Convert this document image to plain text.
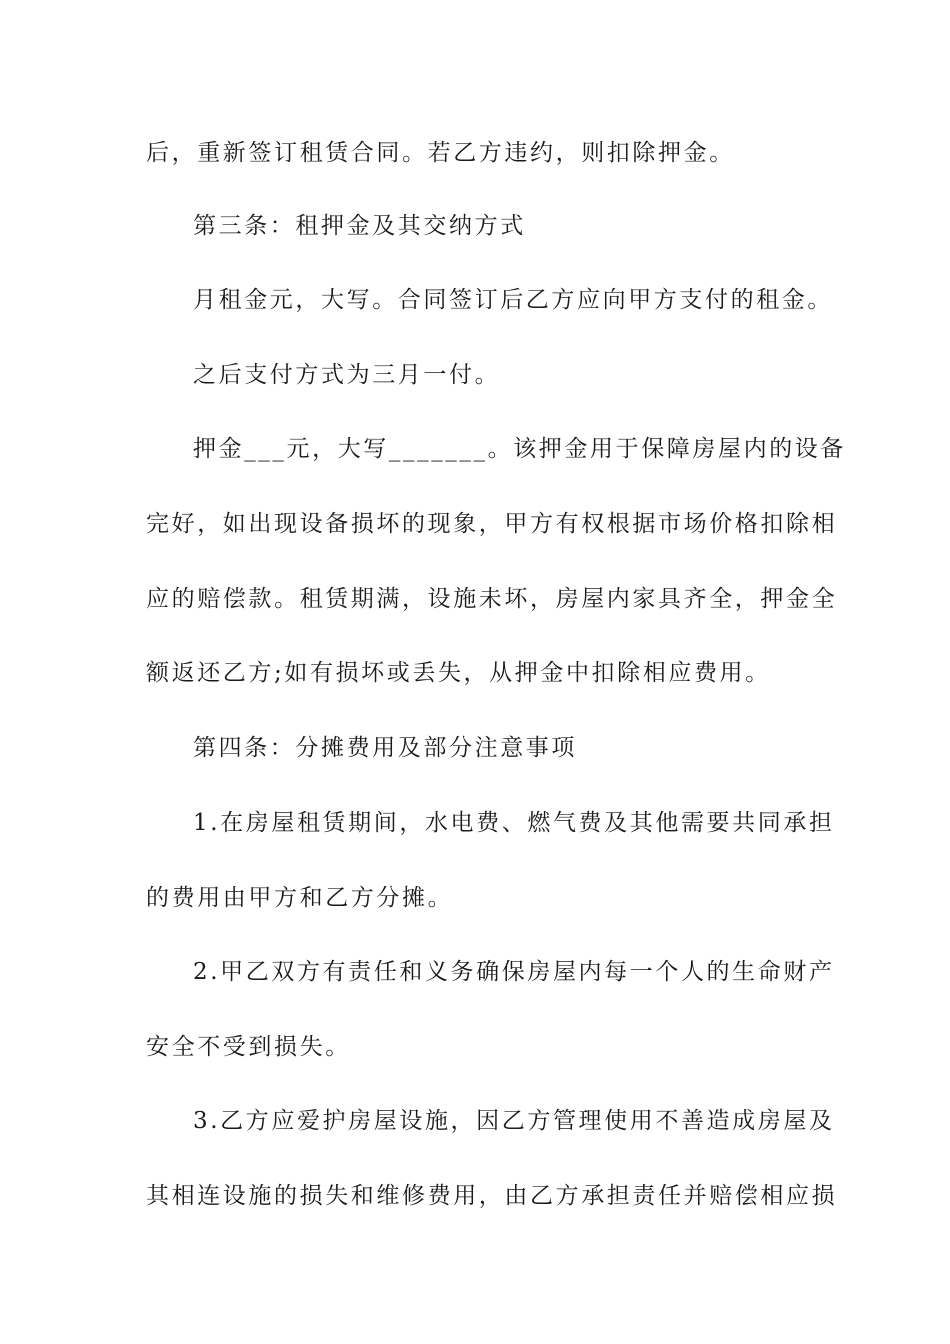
后，重新签订租赁合同。若乙方违约，则扣除押金。
第三条：租押金及其交纳方式
月租金元，大写。合同签订后乙方应向甲方支付的租金。
之后支付方式为三月一付。
押金___元，大写_______。该押金用于保障房屋内的设备
完好，如出现设备损坏的现象，甲方有权根据市场价格扣除相
应的赔偿款。租赁期满，设施未坏，房屋内家具齐全，押金全
额返还乙方;如有损坏或丢失，从押金中扣除相应费用。
第四条：分摊费用及部分注意事项
1.在房屋租赁期间，水电费、燃气费及其他需要共同承担
的费用由甲方和乙方分摊。
2.甲乙双方有责任和义务确保房屋内每一个人的生命财产
安全不受到损失。
3.乙方应爱护房屋设施，因乙方管理使用不善造成房屋及
其相连设施的损失和维修费用，由乙方承担责任并赔偿相应损
